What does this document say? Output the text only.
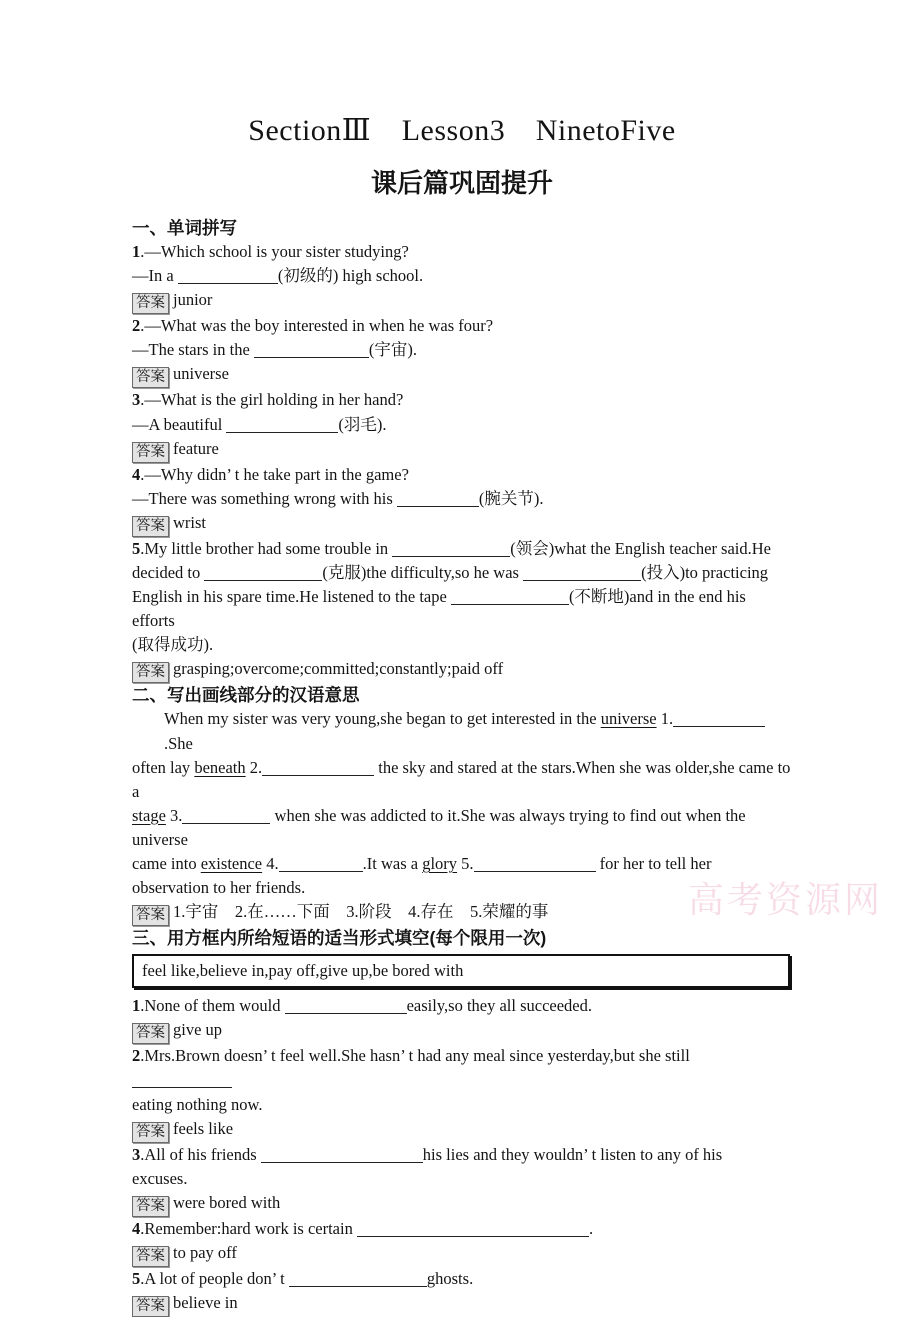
高考资源网
SectionⅢ　Lesson3　NinetoFive
课后篇巩固提升
一、单词拼写
1.—Which school is your sister studying?
—In a	(初级的) high school.
答案 junior
2.—What was the boy interested in when he was four?
—The stars in the	(宇宙).
答案 universe
3.—What is the girl holding in her hand?
—A beautiful	(羽毛).
答案 feature
4.—Why didn’ t he take part in the game?
—There was something wrong with his	(腕关节).
答案 wrist
5.My little brother had some trouble in	(领会)what the English teacher said.He
decided to	(克服)the difficulty,so he was	(投入)to practicing
English in his spare time.He listened to the tape	(不断地)and in the end his efforts
(取得成功).
答案 grasping;overcome;committed;constantly;paid off
二、写出画线部分的汉语意思
When my sister was very young,she began to get interested in the universe 1..She
often lay beneath 2.	the sky and stared at the stars.When she was older,she came to a
stage 3.	when she was addicted to it.She was always trying to find out when the universe
came into existence 4.	.It was a glory 5.	for her to tell her
observation to her friends.
答案 1.宇宙　2.在……下面　3.阶段　4.存在　5.荣耀的事
三、用方框内所给短语的适当形式填空(每个限用一次)
feel like,believe in,pay off,give up,be bored with
1.None of them would	easily,so they all succeeded.
答案 give up
2.Mrs.Brown doesn’ t feel well.She hasn’ t had any meal since yesterday,but she still
eating nothing now.
答案 feels like
3.All of his friends	his lies and they wouldn’ t listen to any of his
excuses.
答案 were bored with
4.Remember:hard work is certain	.
答案 to pay off
5.A lot of people don’ t	ghosts.
答案 believe in
